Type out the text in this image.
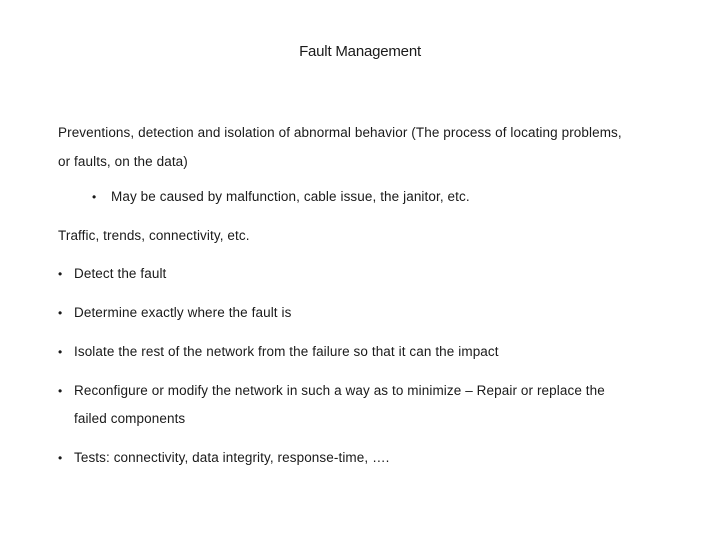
Fault Management
Preventions, detection and isolation of abnormal behavior (The process of locating problems,
or faults, on the data)
• May be caused by malfunction, cable issue, the janitor, etc.
Traffic, trends, connectivity, etc.
• Detect the fault
• Determine exactly where the fault is
• Isolate the rest of the network from the failure so that it can the impact
• Reconfigure or modify the network in such a way as to minimize – Repair or replace the
failed components
• Tests: connectivity, data integrity, response-time, ….
